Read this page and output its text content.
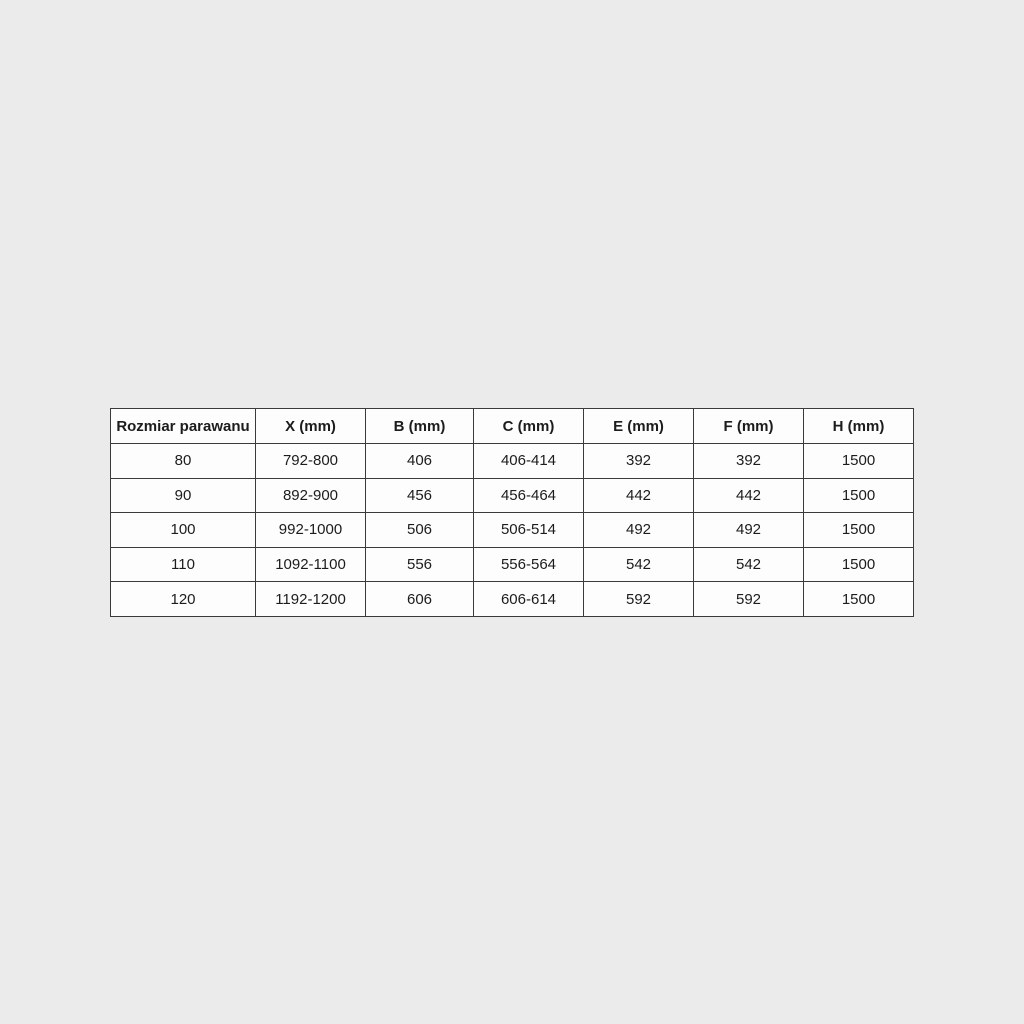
Rozmiar parawanu	X (mm)	B (mm)	C (mm)	E (mm)	F (mm)	H (mm)
80	792-800	406	406-414	392	392	1500
90	892-900	456	456-464	442	442	1500
100	992-1000	506	506-514	492	492	1500
110	1092-1100	556	556-564	542	542	1500
120	1192-1200	606	606-614	592	592	1500
